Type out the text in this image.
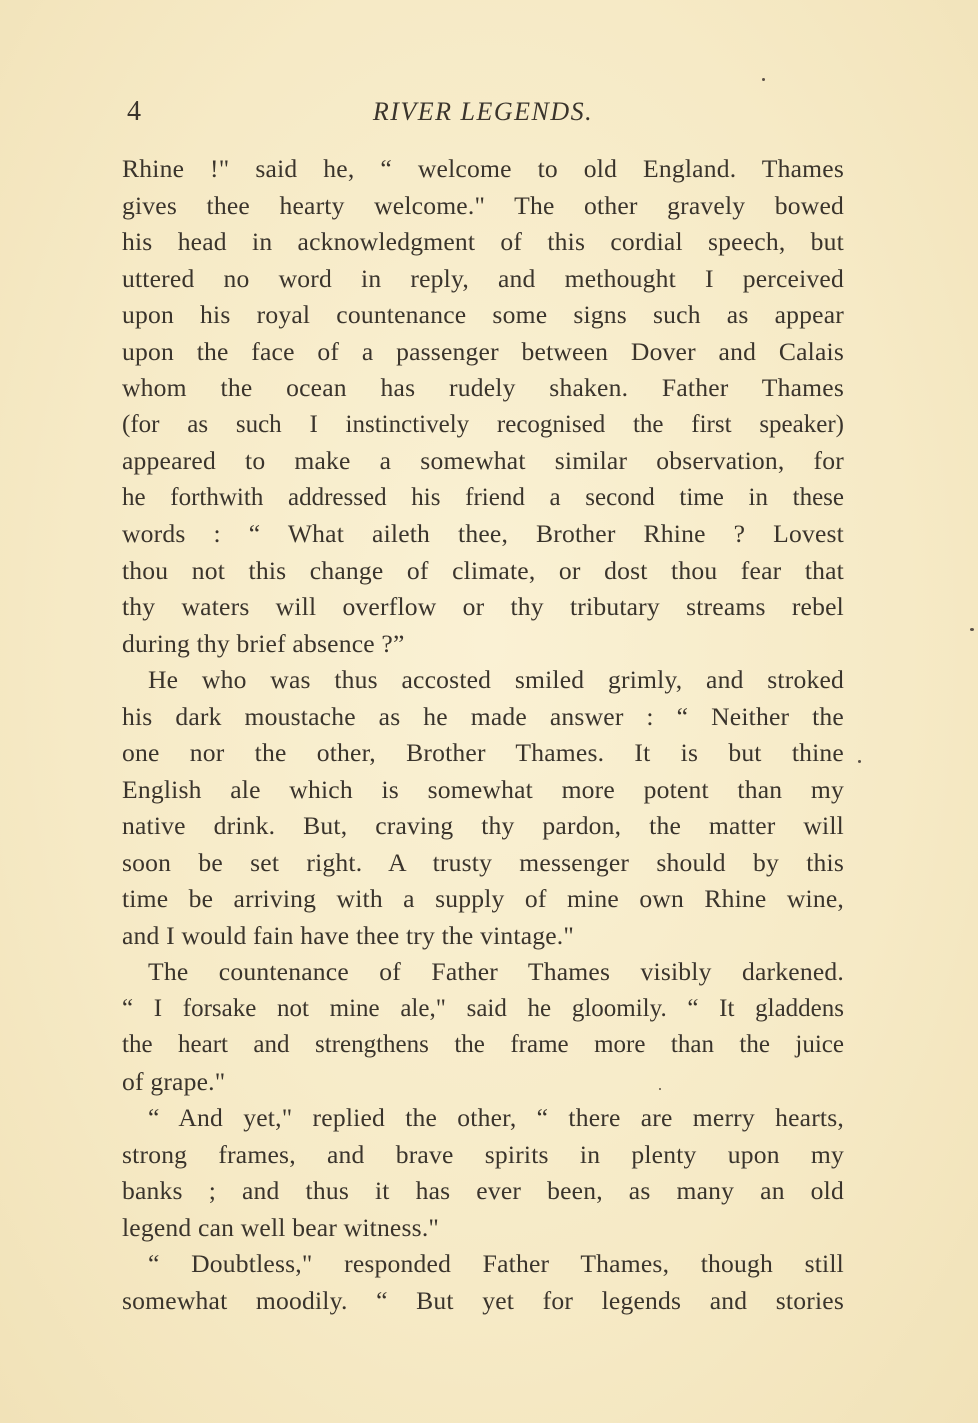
4	RIVER LEGENDS.
Rhine !" said he, “ welcome to old England. Thames
gives thee hearty welcome." The other gravely bowed
his head in acknowledgment of this cordial speech, but
uttered no word in reply, and methought I perceived
upon his royal countenance some signs such as appear
upon the face of a passenger between Dover and Calais
whom the ocean has rudely shaken. Father Thames
(for as such I instinctively recognised the first speaker)
appeared to make a somewhat similar observation, for
he forthwith addressed his friend a second time in these
words : “ What aileth thee, Brother Rhine ? Lovest
thou not this change of climate, or dost thou fear that
thy waters will overflow or thy tributary streams rebel
during thy brief absence ?”
He who was thus accosted smiled grimly, and stroked
his dark moustache as he made answer : “ Neither the
one nor the other, Brother Thames. It is but thine
English ale which is somewhat more potent than my
native drink. But, craving thy pardon, the matter will
soon be set right. A trusty messenger should by this
time be arriving with a supply of mine own Rhine wine,
and I would fain have thee try the vintage."
The countenance of Father Thames visibly darkened.
“ I forsake not mine ale," said he gloomily. “ It gladdens
the heart and strengthens the frame more than the juice
of grape."
“ And yet," replied the other, “ there are merry hearts,
strong frames, and brave spirits in plenty upon my
banks ; and thus it has ever been, as many an old
legend can well bear witness."
“ Doubtless," responded Father Thames, though still
somewhat moodily. “ But yet for legends and stories
